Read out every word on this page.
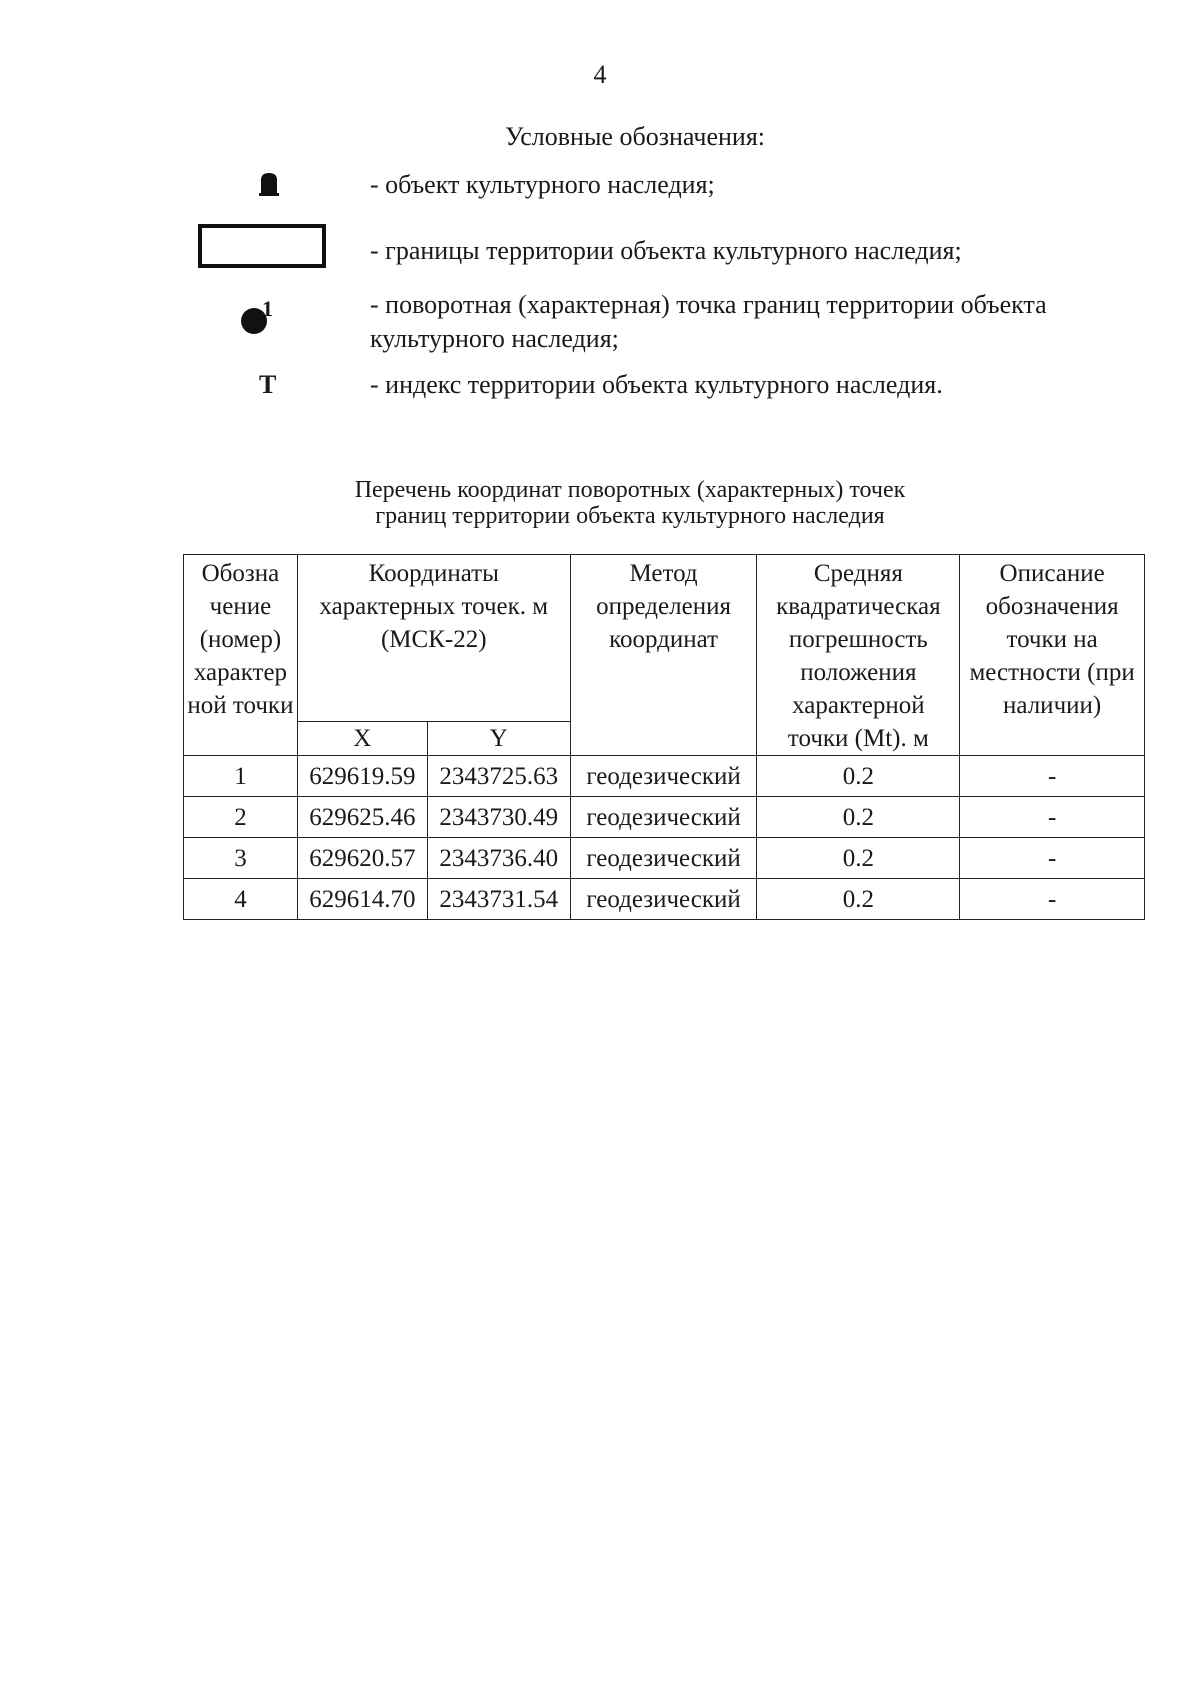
4
Условные обозначения:
- объект культурного наследия;
- границы территории объекта культурного наследия;
1	- поворотная (характерная) точка границ территории объекта культурного наследия;
Т	- индекс территории объекта культурного наследия.
Перечень координат поворотных (характерных) точек
границ территории объекта культурного наследия
Обозна чение (номер) характер ной точки	Координаты характерных точек. м (МСК-22)		Метод определения координат	Средняя квадратическая погрешность положения характерной точки (Mt). м	Описание обозначения точки на местности (при наличии)
	X	Y			
1	629619.59	2343725.63	геодезический	0.2	-
2	629625.46	2343730.49	геодезический	0.2	-
3	629620.57	2343736.40	геодезический	0.2	-
4	629614.70	2343731.54	геодезический	0.2	-
